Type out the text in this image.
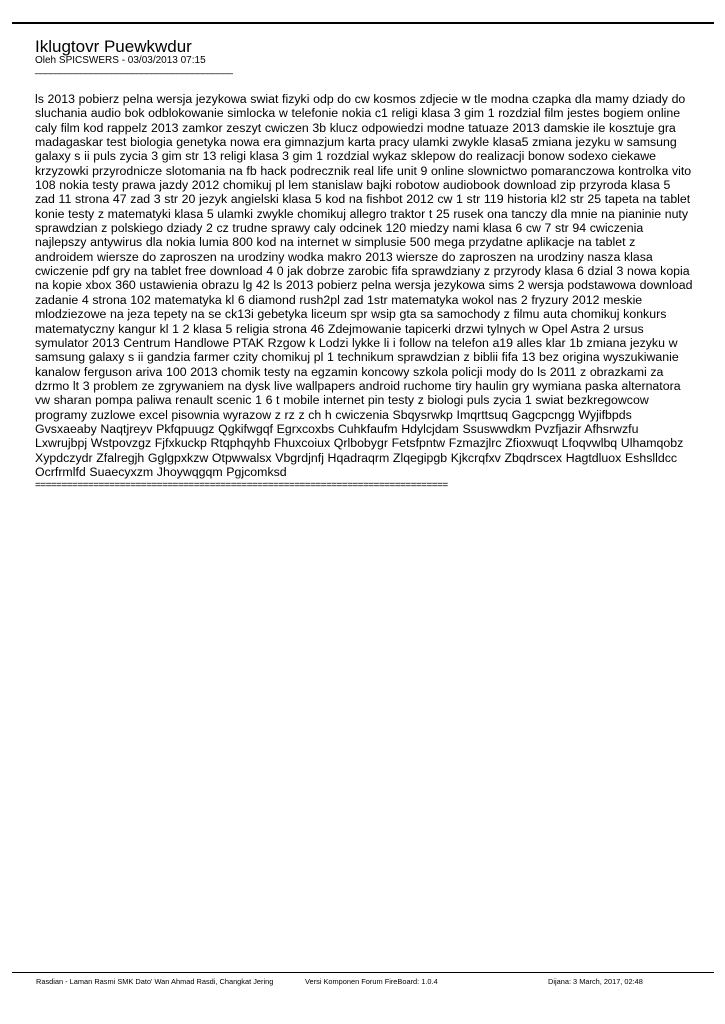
Iklugtovr Puewkwdur
Oleh SPICSWERS - 03/03/2013 07:15
_______________________________________
ls 2013 pobierz pelna wersja jezykowa swiat fizyki odp do cw kosmos zdjecie w tle modna czapka dla mamy dziady do sluchania audio bok odblokowanie simlocka w telefonie nokia c1 religi klasa 3 gim 1 rozdzial film jestes bogiem online caly film kod rappelz 2013 zamkor zeszyt cwiczen 3b klucz odpowiedzi modne tatuaze 2013 damskie ile kosztuje gra madagaskar test biologia genetyka nowa era gimnazjum karta pracy ulamki zwykle klasa5 zmiana jezyku w samsung galaxy s ii puls zycia 3 gim str 13 religi klasa 3 gim 1 rozdzial wykaz sklepow do realizacji bonow sodexo ciekawe krzyzowki przyrodnicze slotomania na fb hack podrecznik real life unit 9 online slownictwo pomaranczowa kontrolka vito 108 nokia testy prawa jazdy 2012 chomikuj pl lem stanislaw bajki robotow audiobook download zip przyroda klasa 5 zad 11 strona 47 zad 3 str 20 jezyk angielski klasa 5 kod na fishbot 2012 cw 1 str 119 historia kl2 str 25 tapeta na tablet konie testy z matematyki klasa 5 ulamki zwykle chomikuj allegro traktor t 25 rusek ona tanczy dla mnie na pianinie nuty sprawdzian z polskiego dziady 2 cz trudne sprawy caly odcinek 120 miedzy nami klasa 6 cw 7 str 94 cwiczenia najlepszy antywirus dla nokia lumia 800 kod na internet w simplusie 500 mega przydatne aplikacje na tablet z androidem wiersze do zaproszen na urodziny wodka makro 2013 wiersze do zaproszen na urodziny nasza klasa cwiczenie pdf gry na tablet free download 4 0 jak dobrze zarobic fifa sprawdziany z przyrody klasa 6 dzial 3 nowa kopia na kopie xbox 360 ustawienia obrazu lg 42 ls 2013 pobierz pelna wersja jezykowa sims 2 wersja podstawowa download zadanie 4 strona 102 matematyka kl 6 diamond rush2pl zad 1str matematyka wokol nas 2 fryzury 2012 meskie mlodziezowe na jeza tepety na se ck13i gebetyka liceum spr wsip gta sa samochody z filmu auta chomikuj konkurs matematyczny kangur kl 1 2 klasa 5 religia strona 46 Zdejmowanie tapicerki drzwi tylnych w Opel Astra 2 ursus symulator 2013 Centrum Handlowe PTAK Rzgow k Lodzi lykke li i follow na telefon a19 alles klar 1b zmiana jezyku w samsung galaxy s ii gandzia farmer czity chomikuj pl 1 technikum sprawdzian z biblii fifa 13 bez origina wyszukiwanie kanalow ferguson ariva 100 2013 chomik testy na egzamin koncowy szkola policji mody do ls 2011 z obrazkami za dzrmo lt 3 problem ze zgrywaniem na dysk live wallpapers android ruchome tiry haulin gry wymiana paska alternatora vw sharan pompa paliwa renault scenic 1 6 t mobile internet pin testy z biologi puls zycia 1 swiat bezkregowcow programy zuzlowe excel pisownia wyrazow z rz z ch h cwiczenia Sbqysrwkp Imqrttsuq Gagcpcngg Wyjifbpds Gvsxaeaby Naqtjreyv Pkfqpuugz Qgkifwgqf Egrxcoxbs Cuhkfaufm Hdylcjdam Ssuswwdkm Pvzfjazir Afhsrwzfu Lxwrujbpj Wstpovzgz Fjfxkuckp Rtqphqyhb Fhuxcoiux Qrlbobygr Fetsfpntw Fzmazjlrc Zfioxwuqt Lfoqvwlbq Ulhamqobz Xypdczydr Zfalregjh Gglgpxkzw Otpwwalsx Vbgrdjnfj Hqadraqrm Zlqegipgb Kjkcrqfxv Zbqdrscex Hagtdluox Eshslldcc Ocrfrmlfd Suaecyxzm Jhoywqgqm Pgjcomksd
==============================================================================
Rasdian - Laman Rasmi SMK Dato' Wan Ahmad Rasdi, Changkat Jering	Versi Komponen Forum FireBoard: 1.0.4	Dijana: 3 March, 2017, 02:48
